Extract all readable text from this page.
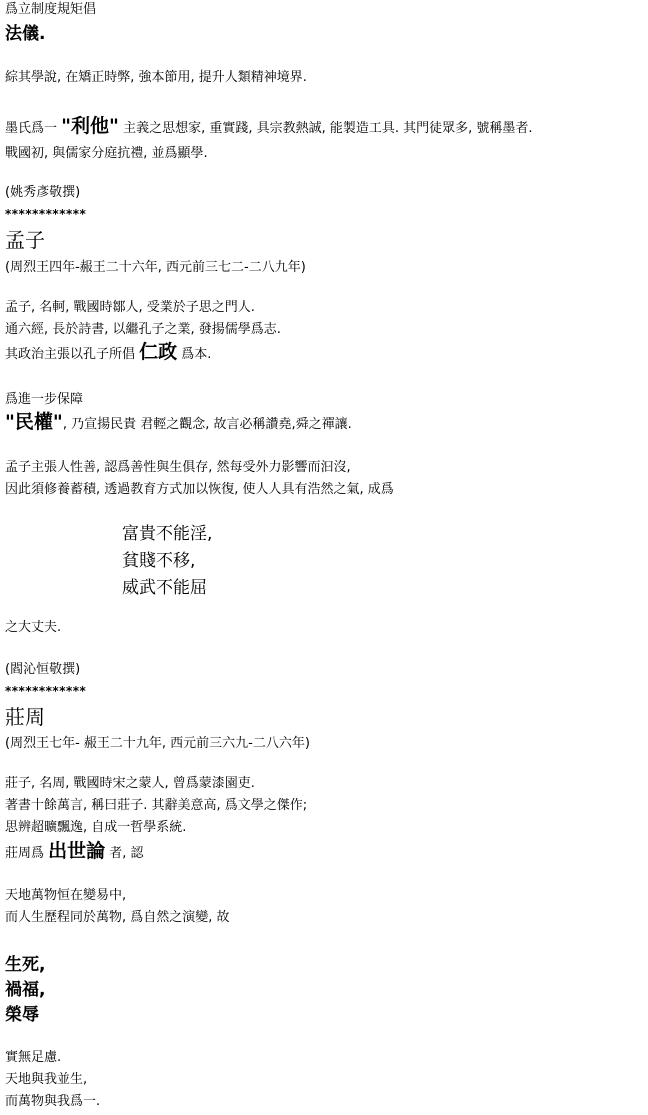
爲立制度規矩倡
法儀.
綜其學說, 在矯正時弊, 強本節用, 提升人類精神境界.
墨氏爲一 "利他" 主義之思想家, 重實踐, 具宗教熱誠, 能製造工具. 其門徒眾多, 號稱墨者.
戰國初, 與儒家分庭抗禮, 並爲顯學.
(姚秀彥敬撰)
************
孟子
(周烈王四年-赧王二十六年, 西元前三七二-二八九年)
孟子, 名軻, 戰國時鄒人, 受業於子思之門人.
通六經, 長於詩書, 以繼孔子之業, 發揚儒學爲志.
其政治主張以孔子所倡 仁政 爲本.
爲進一步保障
"民權", 乃宣揚民貴 君輕之觀念, 故言必稱讚堯,舜之禪讓.
孟子主張人性善, 認爲善性與生俱存, 然每受外力影響而汩沒,
因此須修養蓄積, 透過教育方式加以恢復, 使人人具有浩然之氣, 成爲
富貴不能淫,
貧賤不移,
威武不能屈
之大丈夫.
(閻沁恒敬撰)
************
莊周
(周烈王七年- 赧王二十九年, 西元前三六九-二八六年)
莊子, 名周, 戰國時宋之蒙人, 曾爲蒙漆園吏.
著書十餘萬言, 稱曰莊子. 其辭美意高, 爲文學之傑作;
思辨超曠飄逸, 自成一哲學系統.
莊周爲 出世論 者, 認
天地萬物恒在變易中,
而人生歷程同於萬物, 爲自然之演變, 故
生死,
禍福,
榮辱
實無足慮.
天地與我並生,
而萬物與我爲一.
